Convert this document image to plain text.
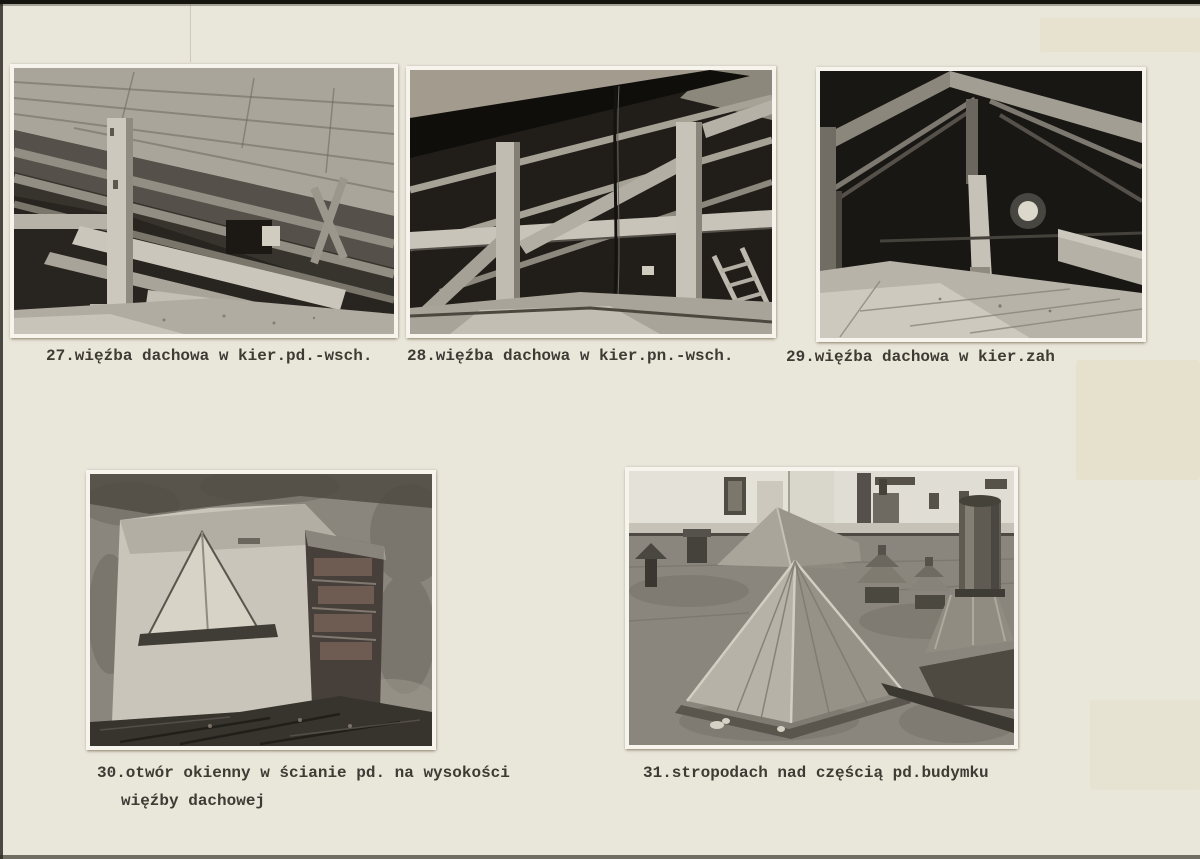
27.więźba dachowa w kier.pd.-wsch. 28.więźba dachowa w kier.pn.-wsch.	29.więźba dachowa w kier.zah
30.otwór okienny w ścianie pd. na wysokości
więźby dachowej
31.stropodach nad częścią pd.budymku
